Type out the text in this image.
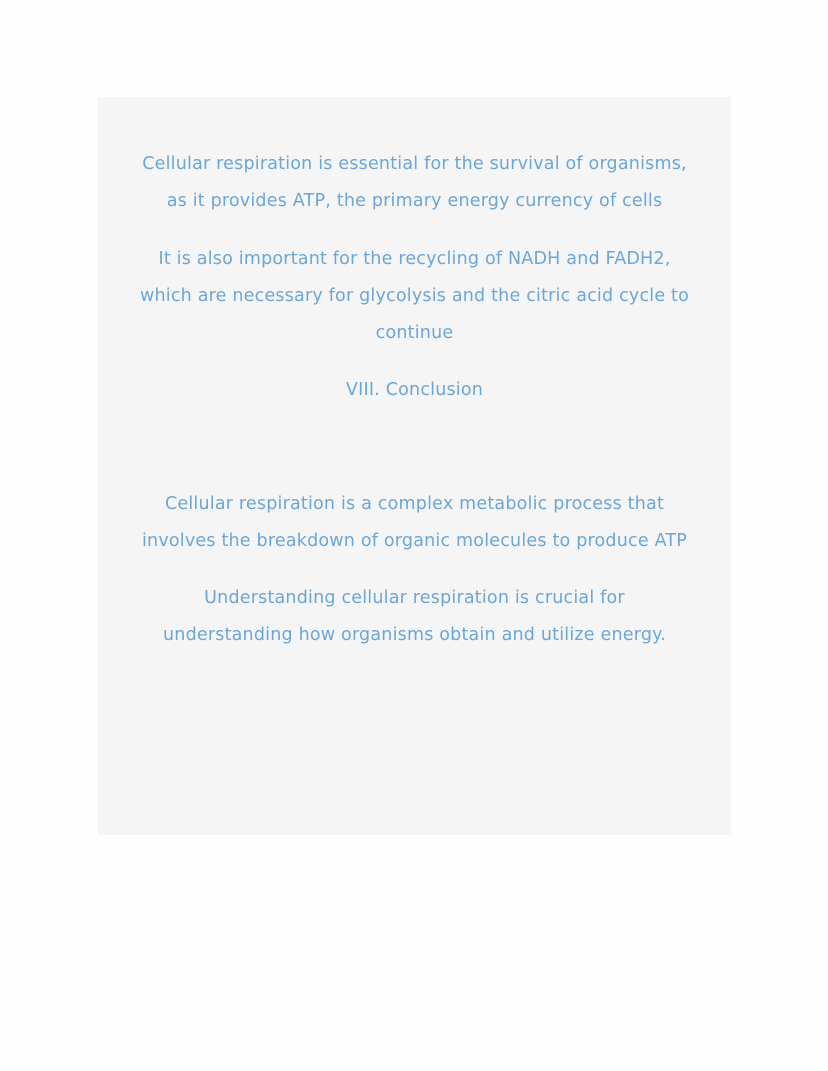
Cellular respiration is essential for the survival of organisms,
as it provides ATP, the primary energy currency of cells

It is also important for the recycling of NADH and FADH2,
which are necessary for glycolysis and the citric acid cycle to
continue

VIII. Conclusion

Cellular respiration is a complex metabolic process that
involves the breakdown of organic molecules to produce ATP

Understanding cellular respiration is crucial for
understanding how organisms obtain and utilize energy.
